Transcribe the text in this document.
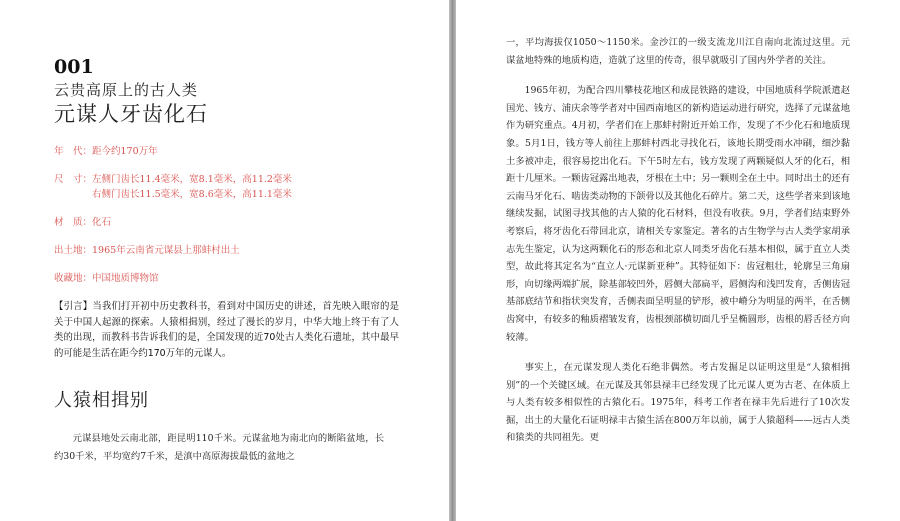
001
云贵高原上的古人类
元谋人牙齿化石
年　代： 距今约170万年
尺　寸： 左侧门齿长11.4毫米，宽8.1毫米，高11.2毫米
右侧门齿长11.5毫米，宽8.6毫米，高11.1毫米
材　质： 化石
出土地： 1965年云南省元谋县上那蚌村出土
收藏地： 中国地质博物馆
【引言】当我们打开初中历史教科书，看到对中国历史的讲述，首先映入眼帘的是关于中国人起源的探索。人猿相揖别，经过了漫长的岁月，中华大地上终于有了人类的出现，而教科书告诉我们的是，全国发现的近70处古人类化石遗址，其中最早的可能是生活在距今约170万年的元谋人。
人猿相揖别
元谋县地处云南北部，距昆明110千米。元谋盆地为南北向的断陷盆地，长约30千米，平均宽约7千米，是滇中高原海拔最低的盆地之

一，平均海拔仅1050～1150米。金沙江的一级支流龙川江自南向北流过这里。元谋盆地特殊的地质构造，造就了这里的传奇，很早就吸引了国内外学者的关注。

1965年初，为配合四川攀枝花地区和成昆铁路的建设，中国地质科学院派遣赵国光、钱方、浦庆余等学者对中国西南地区的新构造运动进行研究，选择了元谋盆地作为研究重点。4月初，学者们在上那蚌村附近开始工作，发现了不少化石和地质现象。5月1日，钱方等人前往上那蚌村西北寻找化石，该地长期受雨水冲刷，细沙黏土多被冲走，很容易挖出化石。下午5时左右，钱方发现了两颗疑似人牙的化石，相距十几厘米。一颗齿冠露出地表，牙根在土中；另一颗则全在土中。同时出土的还有云南马牙化石、啮齿类动物的下颌骨以及其他化石碎片。第二天，这些学者来到该地继续发掘，试图寻找其他的古人猿的化石材料，但没有收获。9月，学者们结束野外考察后，将牙齿化石带回北京，请相关专家鉴定。著名的古生物学与古人类学家胡承志先生鉴定，认为这两颗化石的形态和北京人同类牙齿化石基本相似，属于直立人类型，故此将其定名为“直立人·元谋新亚种”。其特征如下：齿冠粗壮，轮廓呈三角扇形，向切缘两端扩展，除基部较凹外，唇侧大部扁平，唇侧沟和浅凹发育，舌侧齿冠基部底结节和指状突发育，舌侧表面呈明显的铲形，被中嵴分为明显的两半，在舌侧齿窝中，有较多的釉质褶皱发育，齿根颈部横切面几乎呈椭圆形，齿根的唇舌径方向较薄。

事实上，在元谋发现人类化石绝非偶然。考古发掘足以证明这里是“人猿相揖别”的一个关键区域。在元谋及其邻县禄丰已经发现了比元谋人更为古老、在体质上与人类有较多相似性的古猿化石。1975年，科考工作者在禄丰先后进行了10次发掘，出土的大量化石证明禄丰古猿生活在800万年以前，属于人猿超科——远古人类和猿类的共同祖先。更
